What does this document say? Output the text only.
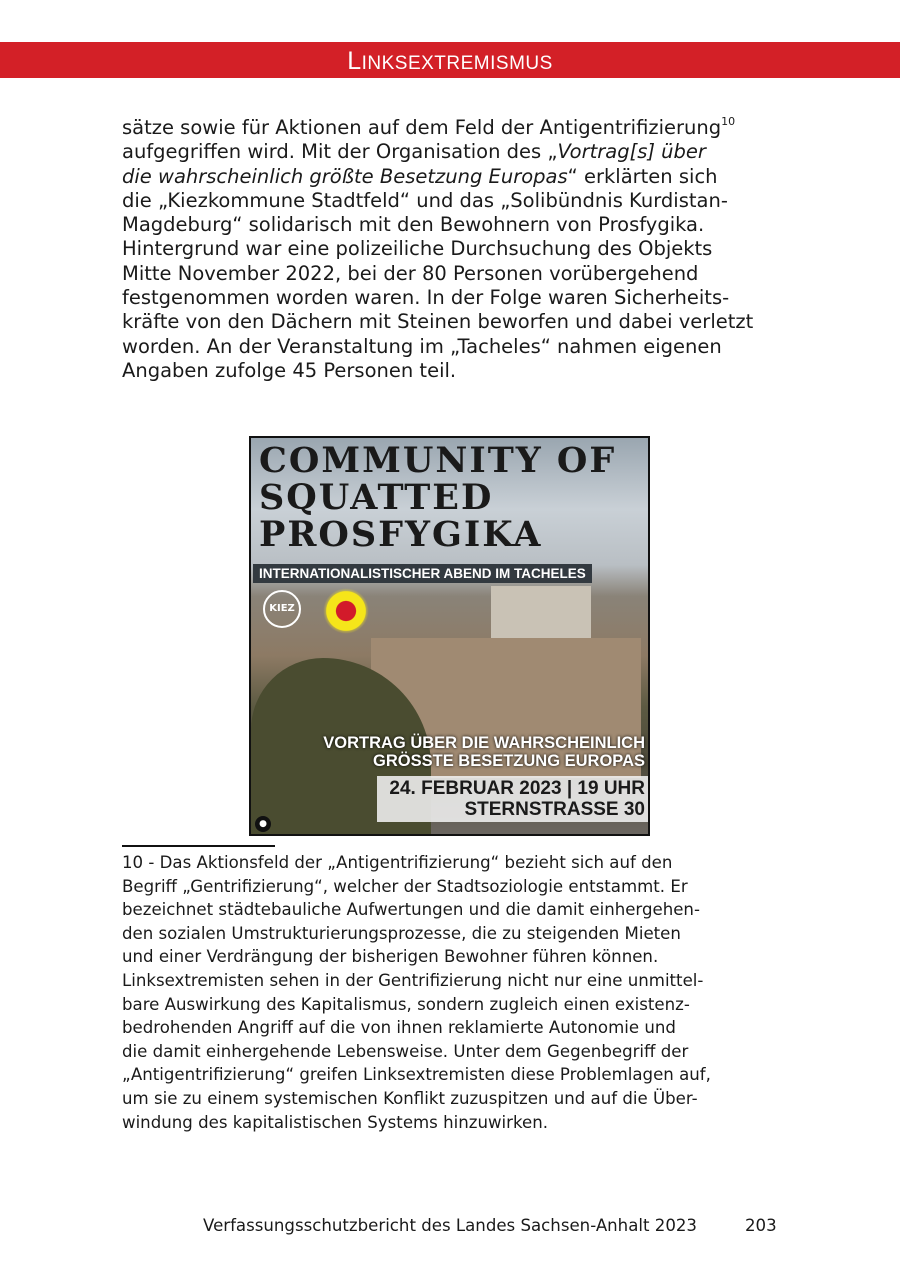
LINKSEXTREMISMUS
sätze sowie für Aktionen auf dem Feld der Antigentrifizierung$^{10}$
aufgegriffen wird. Mit der Organisation des „Vortrag[s] über
die wahrscheinlich größte Besetzung Europas“ erklärten sich
die „Kiezkommune Stadtfeld“ und das „Solibündnis Kurdistan-
Magdeburg“ solidarisch mit den Bewohnern von Prosfygika.
Hintergrund war eine polizeiliche Durchsuchung des Objekts
Mitte November 2022, bei der 80 Personen vorübergehend
festgenommen worden waren. In der Folge waren Sicherheits-
kräfte von den Dächern mit Steinen beworfen und dabei verletzt
worden. An der Veranstaltung im „Tacheles“ nahmen eigenen
Angaben zufolge 45 Personen teil.
COMMUNITY OF
SQUATTED
PROSFYGIKA
INTERNATIONALISTISCHER ABEND IM TACHELES
KIEZ
VORTRAG ÜBER DIE WAHRSCHEINLICH
GRÖSSTE BESETZUNG EUROPAS
24. FEBRUAR 2023 | 19 UHR
STERNSTRASSE 30
●
10 - Das Aktionsfeld der „Antigentrifizierung“ bezieht sich auf den
Begriff „Gentrifizierung“, welcher der Stadtsoziologie entstammt. Er
bezeichnet städtebauliche Aufwertungen und die damit einhergehen-
den sozialen Umstrukturierungsprozesse, die zu steigenden Mieten
und einer Verdrängung der bisherigen Bewohner führen können.
Linksextremisten sehen in der Gentrifizierung nicht nur eine unmittel-
bare Auswirkung des Kapitalismus, sondern zugleich einen existenz-
bedrohenden Angriff auf die von ihnen reklamierte Autonomie und
die damit einhergehende Lebensweise. Unter dem Gegenbegriff der
„Antigentrifizierung“ greifen Linksextremisten diese Problemlagen auf,
um sie zu einem systemischen Konflikt zuzuspitzen und auf die Über-
windung des kapitalistischen Systems hinzuwirken.
Verfassungsschutzbericht des Landes Sachsen-Anhalt 2023	203
